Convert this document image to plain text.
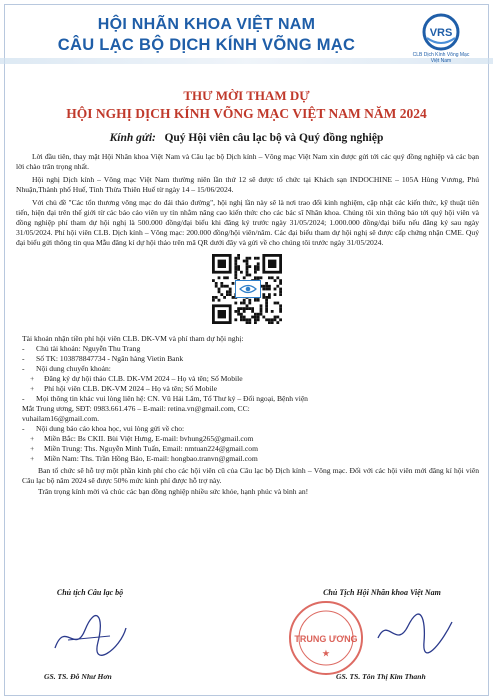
HỘI NHÃN KHOA VIỆT NAM
CÂU LẠC BỘ DỊCH KÍNH VÕNG MẠC
VRS
CLB Dịch Kính Võng Mạc
Việt Nam
THƯ MỜI THAM DỰ
HỘI NGHỊ DỊCH KÍNH VÕNG MẠC VIỆT NAM NĂM 2024
Kính gửi: Quý Hội viên câu lạc bộ và Quý đồng nghiệp

Lời đầu tiên, thay mặt Hội Nhãn khoa Việt Nam và Câu lạc bộ Dịch kính – Võng mạc Việt Nam xin được gửi tới các quý đồng nghiệp và các bạn lời chào trân trọng nhất.

Hội nghị Dịch kính – Võng mạc Việt Nam thường niên lần thứ 12 sẽ được tổ chức tại Khách sạn INDOCHINE – 105A Hùng Vương, Phú Nhuận,Thành phố Huế, Tỉnh Thừa Thiên Huế từ ngày 14 – 15/06/2024.

Với chủ đề "Các tổn thương võng mạc do đái tháo đường", hội nghị lần này sẽ là nơi trao đổi kinh nghiệm, cập nhật các kiến thức, kỹ thuật tiên tiến, hiện đại trên thế giới từ các báo cáo viên uy tín nhằm nâng cao kiến thức cho các bác sĩ Nhãn khoa. Chúng tôi xin thông báo tới quý hội viên và đồng nghiệp phí tham dự hội nghị là 500.000 đồng/đại biểu khi đăng ký trước ngày 31/05/2024; 1.000.000 đồng/đại biểu nếu đăng ký sau ngày 31/05/2024. Phí hội viên CLB. Dịch kính – Võng mạc: 200.000 đồng/hội viên/năm. Các đại biểu tham dự hội nghị sẽ được cấp chứng nhận CME. Quý đại biểu gửi thông tin qua Mẫu đăng kí dự hội thảo trên mã QR dưới đây và gửi về cho chúng tôi trước ngày 31/05/2024.

Tài khoản nhận tiền phí hội viên CLB. DK-VM và phí tham dự hội nghị:
-	Chủ tài khoản: Nguyễn Thu Trang
-	Số TK: 103878847734 - Ngân hàng Vietin Bank
-	Nội dung chuyển khoản:
+	Đăng ký dự hội thảo CLB. DK-VM 2024 – Họ và tên; Số Mobile
+	Phí hội viên CLB. DK-VM 2024 – Họ và tên; Số Mobile
-	Mọi thông tin khác vui lòng liên hệ: CN. Vũ Hải Lâm, Tổ Thư ký – Đối ngoại, Bệnh viện
Mắt Trung ương, SĐT: 0983.661.476 – E-mail: retina.vn@gmail.com, CC:
vuhailam16@gmail.com.
-	Nội dung báo cáo khoa học, vui lòng gửi về cho:
+	Miền Bắc: Bs CKII. Bùi Việt Hưng, E-mail: bvhung265@gmail.com
+	Miền Trung: Ths. Nguyễn Minh Tuấn, Email: nmtuan224@gmail.com
+	Miền Nam: Ths. Trần Hồng Bảo, E-mail: hongbao.tranvn@gmail.com

Ban tổ chức sẽ hỗ trợ một phần kinh phí cho các hội viên cũ của Câu lạc bộ Dịch kính – Võng mạc. Đối với các hội viên mới đăng kí hội viên Câu lạc bộ năm 2024 sẽ được 50% mức kinh phí được hỗ trợ này.

Trân trọng kính mời và chúc các bạn đồng nghiệp nhiều sức khỏe, hạnh phúc và bình an!

Chủ tịch Câu lạc bộ
GS. TS. Đỗ Như Hơn
Chủ Tịch Hội Nhãn khoa Việt Nam
GS. TS. Tôn Thị Kim Thanh
TRUNG ƯƠNG
★
